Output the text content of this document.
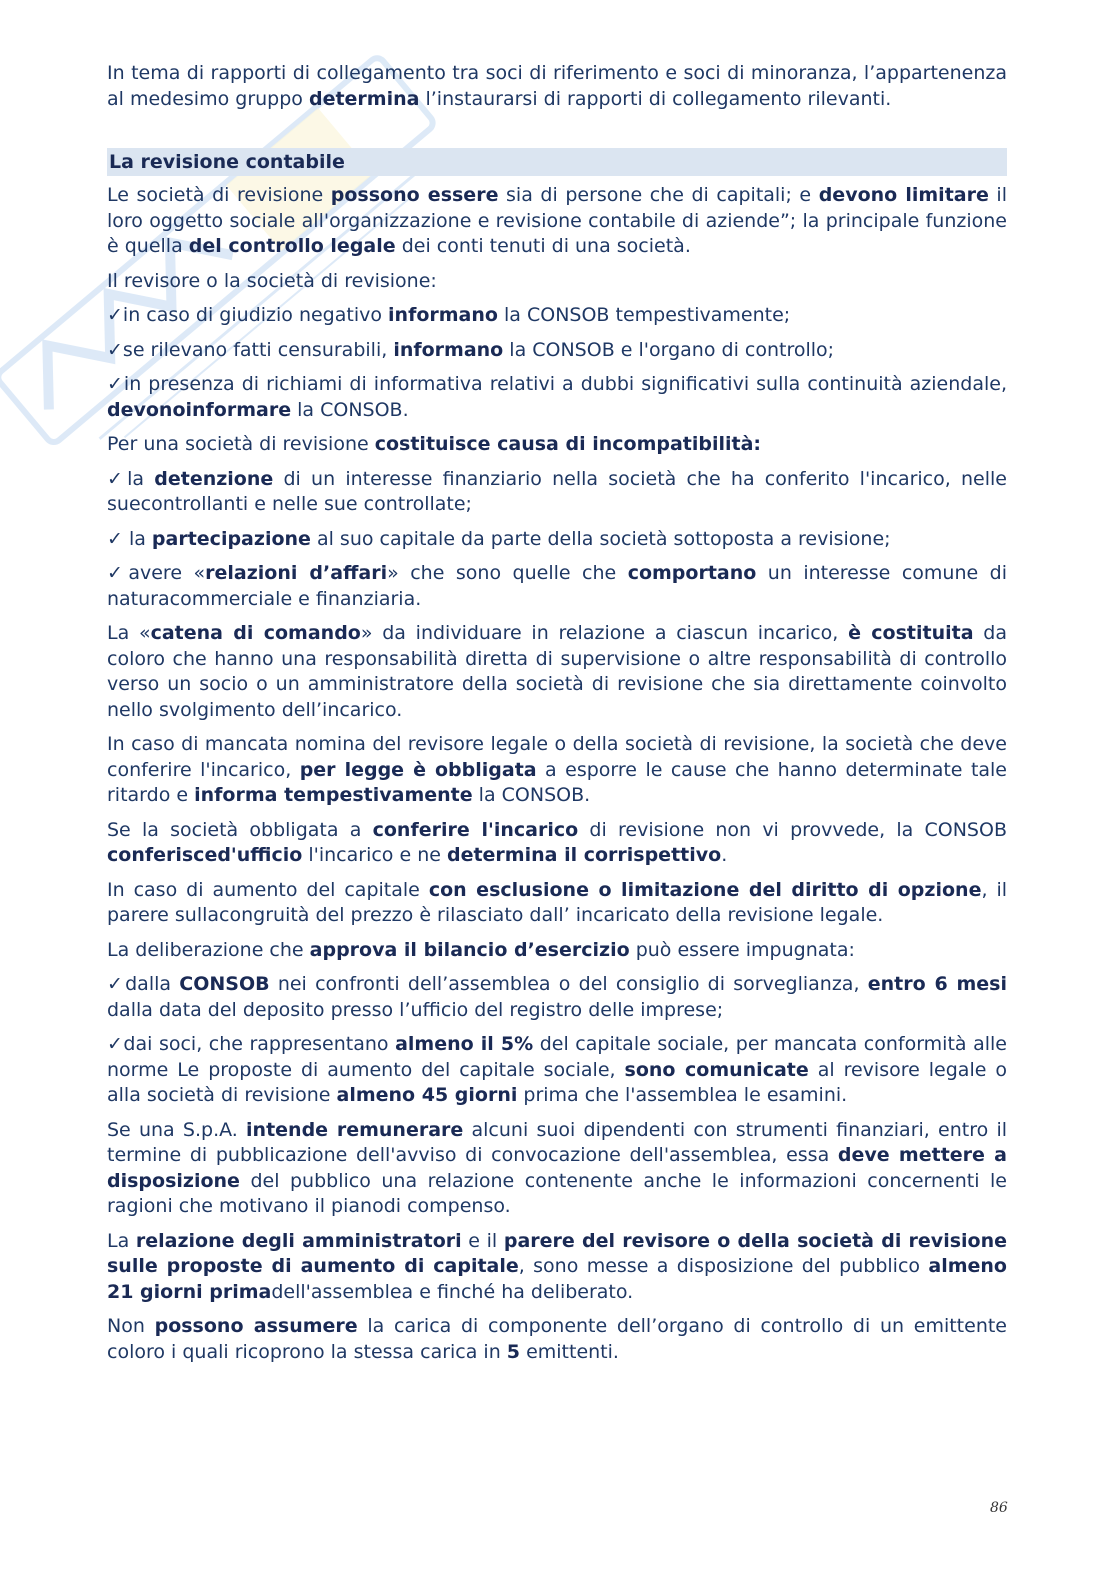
In tema di rapporti di collegamento tra soci di riferimento e soci di minoranza, l’appartenenza al medesimo gruppo determina l’instaurarsi di rapporti di collegamento rilevanti.

La revisione contabile

Le società di revisione possono essere sia di persone che di capitali; e devono limitare il loro oggetto sociale all'organizzazione e revisione contabile di aziende”; la principale funzione è quella del controllo legale dei conti tenuti di una società.

Il revisore o la società di revisione:

✓in caso di giudizio negativo informano la CONSOB tempestivamente;

✓se rilevano fatti censurabili, informano la CONSOB e l'organo di controllo;

✓in presenza di richiami di informativa relativi a dubbi significativi sulla continuità aziendale, devonoinformare la CONSOB.

Per una società di revisione costituisce causa di incompatibilità:

✓la detenzione di un interesse finanziario nella società che ha conferito l'incarico, nelle suecontrollanti e nelle sue controllate;

✓ la partecipazione al suo capitale da parte della società sottoposta a revisione;

✓avere «relazioni d’affari» che sono quelle che comportano un interesse comune di naturacommerciale e finanziaria.

La «catena di comando» da individuare in relazione a ciascun incarico, è costituita da coloro che hanno una responsabilità diretta di supervisione o altre responsabilità di controllo verso un socio o un amministratore della società di revisione che sia direttamente coinvolto nello svolgimento dell’incarico.

In caso di mancata nomina del revisore legale o della società di revisione, la società che deve conferire l'incarico, per legge è obbligata a esporre le cause che hanno determinate tale ritardo e informa tempestivamente la CONSOB.

Se la società obbligata a conferire l'incarico di revisione non vi provvede, la CONSOB conferisced'ufficio l'incarico e ne determina il corrispettivo.

In caso di aumento del capitale con esclusione o limitazione del diritto di opzione, il parere sullacongruità del prezzo è rilasciato dall’ incaricato della revisione legale.

La deliberazione che approva il bilancio d’esercizio può essere impugnata:

✓dalla CONSOB nei confronti dell’assemblea o del consiglio di sorveglianza, entro 6 mesi dalla data del deposito presso l’ufficio del registro delle imprese;

✓dai soci, che rappresentano almeno il 5% del capitale sociale, per mancata conformità alle norme Le proposte di aumento del capitale sociale, sono comunicate al revisore legale o alla società di revisione almeno 45 giorni prima che l'assemblea le esamini.

Se una S.p.A. intende remunerare alcuni suoi dipendenti con strumenti finanziari, entro il termine di pubblicazione dell'avviso di convocazione dell'assemblea, essa deve mettere a disposizione del pubblico una relazione contenente anche le informazioni concernenti le ragioni che motivano il pianodi compenso.

La relazione degli amministratori e il parere del revisore o della società di revisione sulle proposte di aumento di capitale, sono messe a disposizione del pubblico almeno 21 giorni primadell'assemblea e finché ha deliberato.

Non possono assumere la carica di componente dell’organo di controllo di un emittente coloro i quali ricoprono la stessa carica in 5 emittenti.

86
